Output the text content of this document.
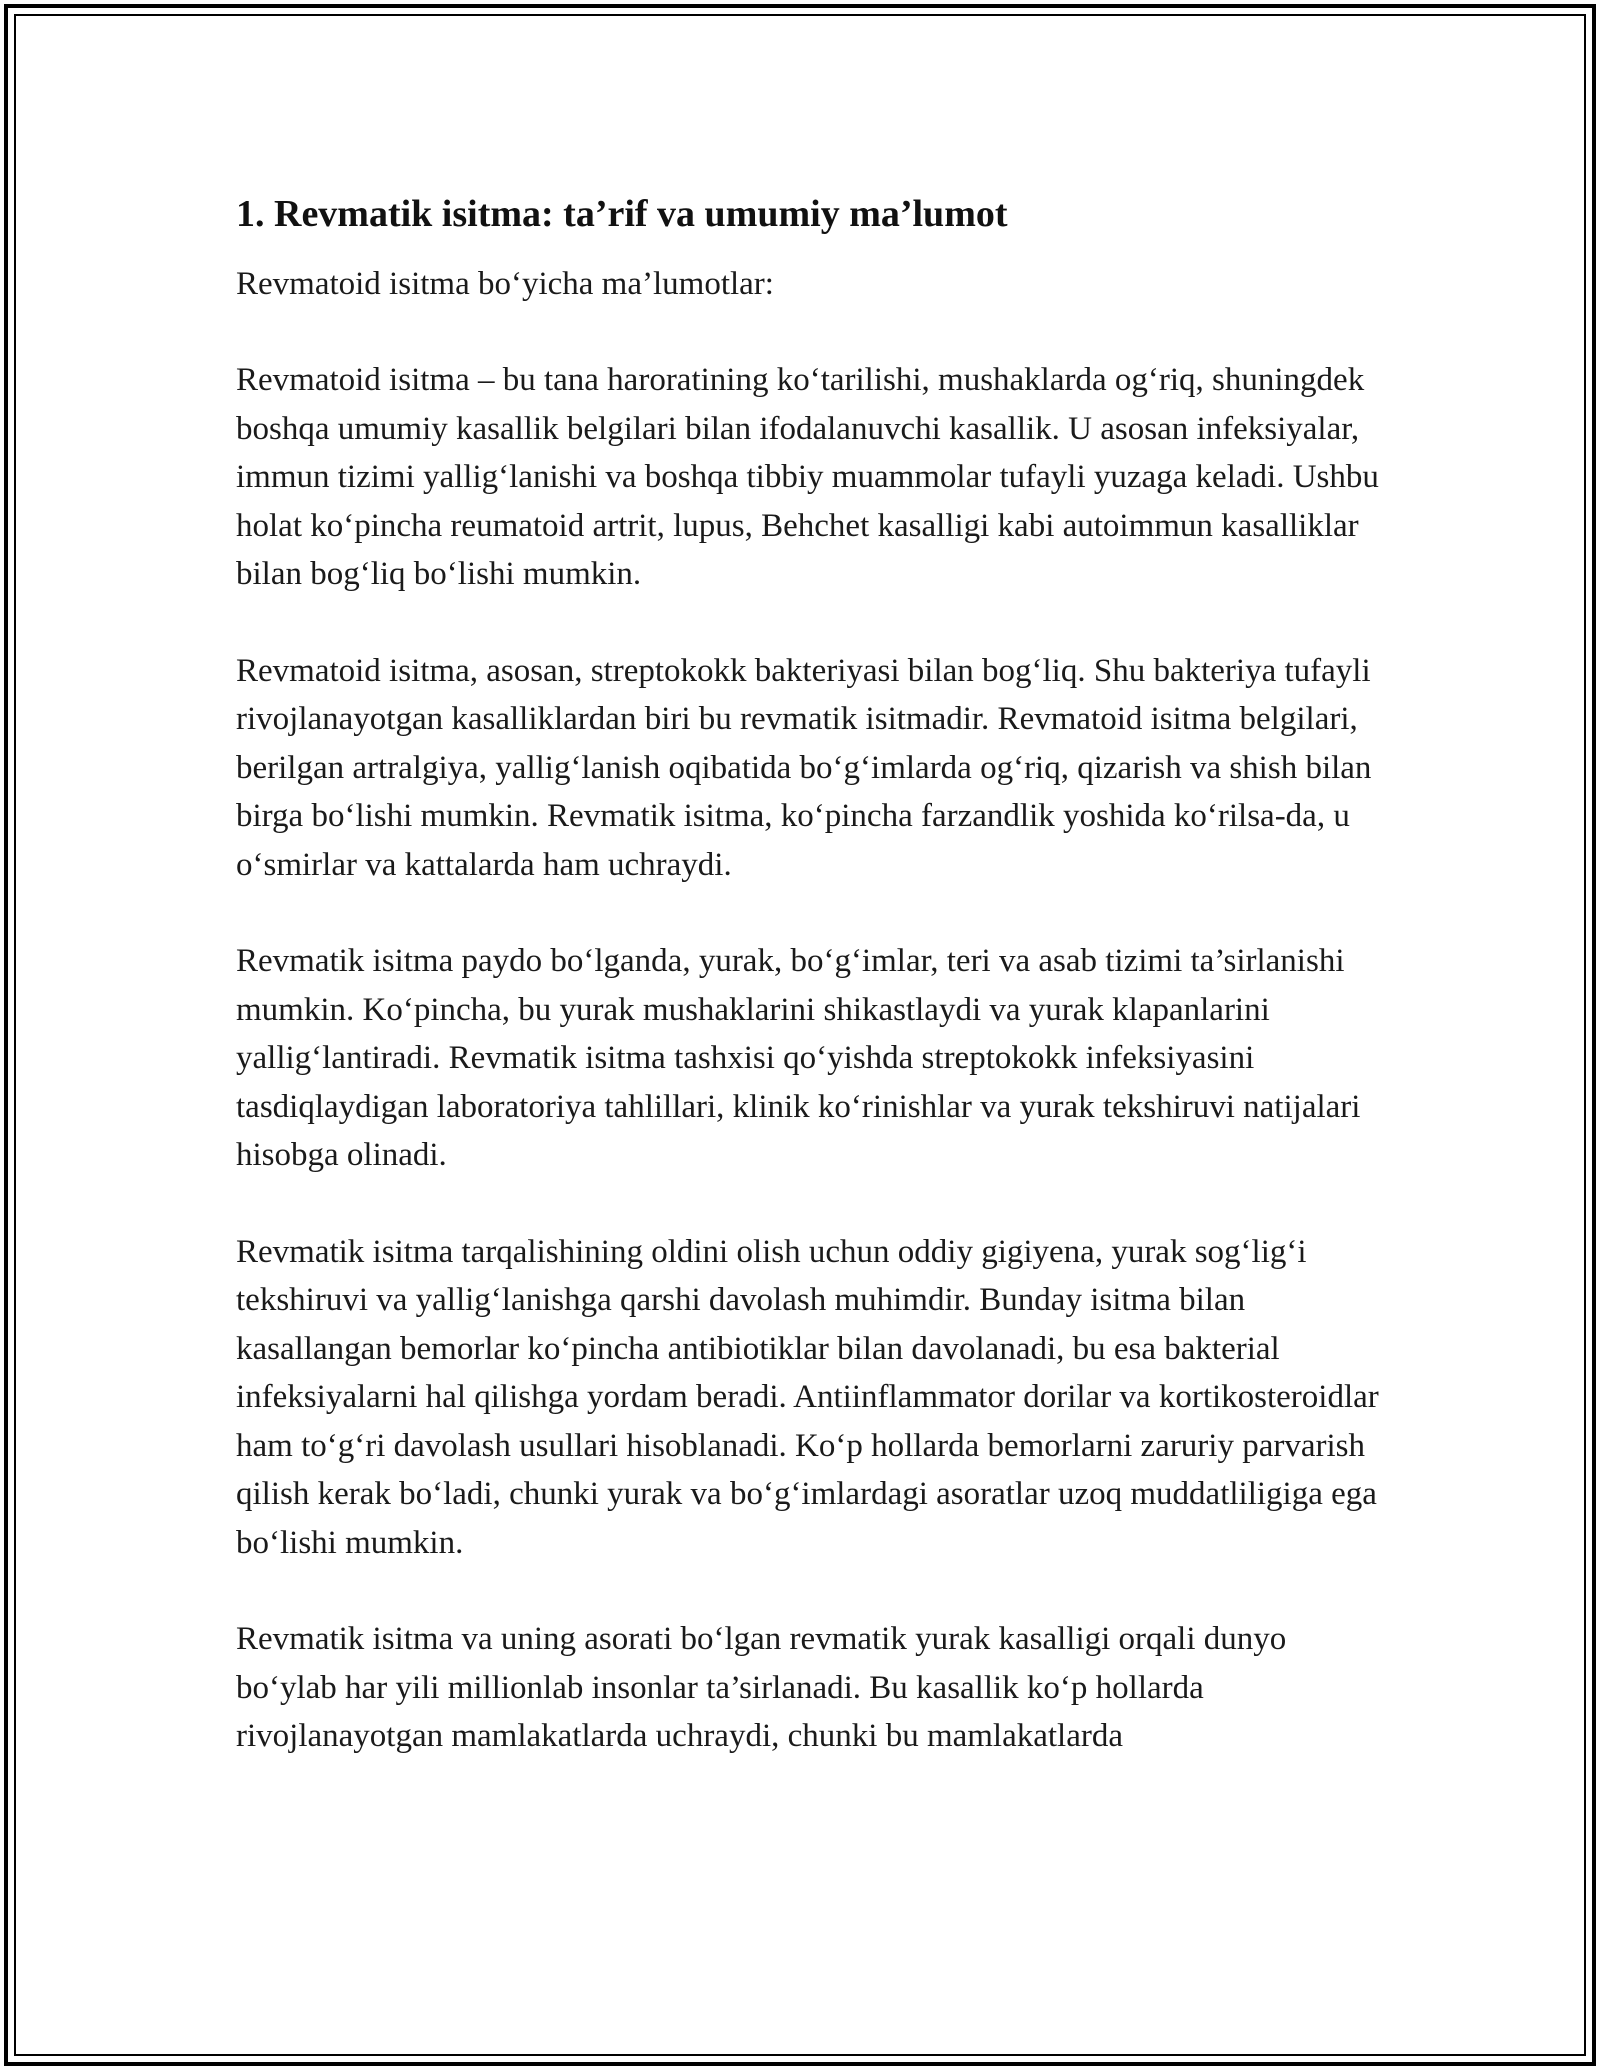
1. Revmatik isitma: ta’rif va umumiy ma’lumot

Revmatoid isitma bo‘yicha ma’lumotlar:

Revmatoid isitma – bu tana haroratining ko‘tarilishi, mushaklarda og‘riq, shuningdek boshqa umumiy kasallik belgilari bilan ifodalanuvchi kasallik. U asosan infeksiyalar, immun tizimi yallig‘lanishi va boshqa tibbiy muammolar tufayli yuzaga keladi. Ushbu holat ko‘pincha reumatoid artrit, lupus, Behchet kasalligi kabi autoimmun kasalliklar bilan bog‘liq bo‘lishi mumkin.

Revmatoid isitma, asosan, streptokokk bakteriyasi bilan bog‘liq. Shu bakteriya tufayli rivojlanayotgan kasalliklardan biri bu revmatik isitmadir. Revmatoid isitma belgilari, berilgan artralgiya, yallig‘lanish oqibatida bo‘g‘imlarda og‘riq, qizarish va shish bilan birga bo‘lishi mumkin. Revmatik isitma, ko‘pincha farzandlik yoshida ko‘rilsa-da, u o‘smirlar va kattalarda ham uchraydi.

Revmatik isitma paydo bo‘lganda, yurak, bo‘g‘imlar, teri va asab tizimi ta’sirlanishi mumkin. Ko‘pincha, bu yurak mushaklarini shikastlaydi va yurak klapanlarini yallig‘lantiradi. Revmatik isitma tashxisi qo‘yishda streptokokk infeksiyasini tasdiqlaydigan laboratoriya tahlillari, klinik ko‘rinishlar va yurak tekshiruvi natijalari hisobga olinadi.

Revmatik isitma tarqalishining oldini olish uchun oddiy gigiyena, yurak sog‘lig‘i tekshiruvi va yallig‘lanishga qarshi davolash muhimdir. Bunday isitma bilan kasallangan bemorlar ko‘pincha antibiotiklar bilan davolanadi, bu esa bakterial infeksiyalarni hal qilishga yordam beradi. Antiinflammator dorilar va kortikosteroidlar ham to‘g‘ri davolash usullari hisoblanadi. Ko‘p hollarda bemorlarni zaruriy parvarish qilish kerak bo‘ladi, chunki yurak va bo‘g‘imlardagi asoratlar uzoq muddatliligiga ega bo‘lishi mumkin.

Revmatik isitma va uning asorati bo‘lgan revmatik yurak kasalligi orqali dunyo bo‘ylab har yili millionlab insonlar ta’sirlanadi. Bu kasallik ko‘p hollarda rivojlanayotgan mamlakatlarda uchraydi, chunki bu mamlakatlarda
